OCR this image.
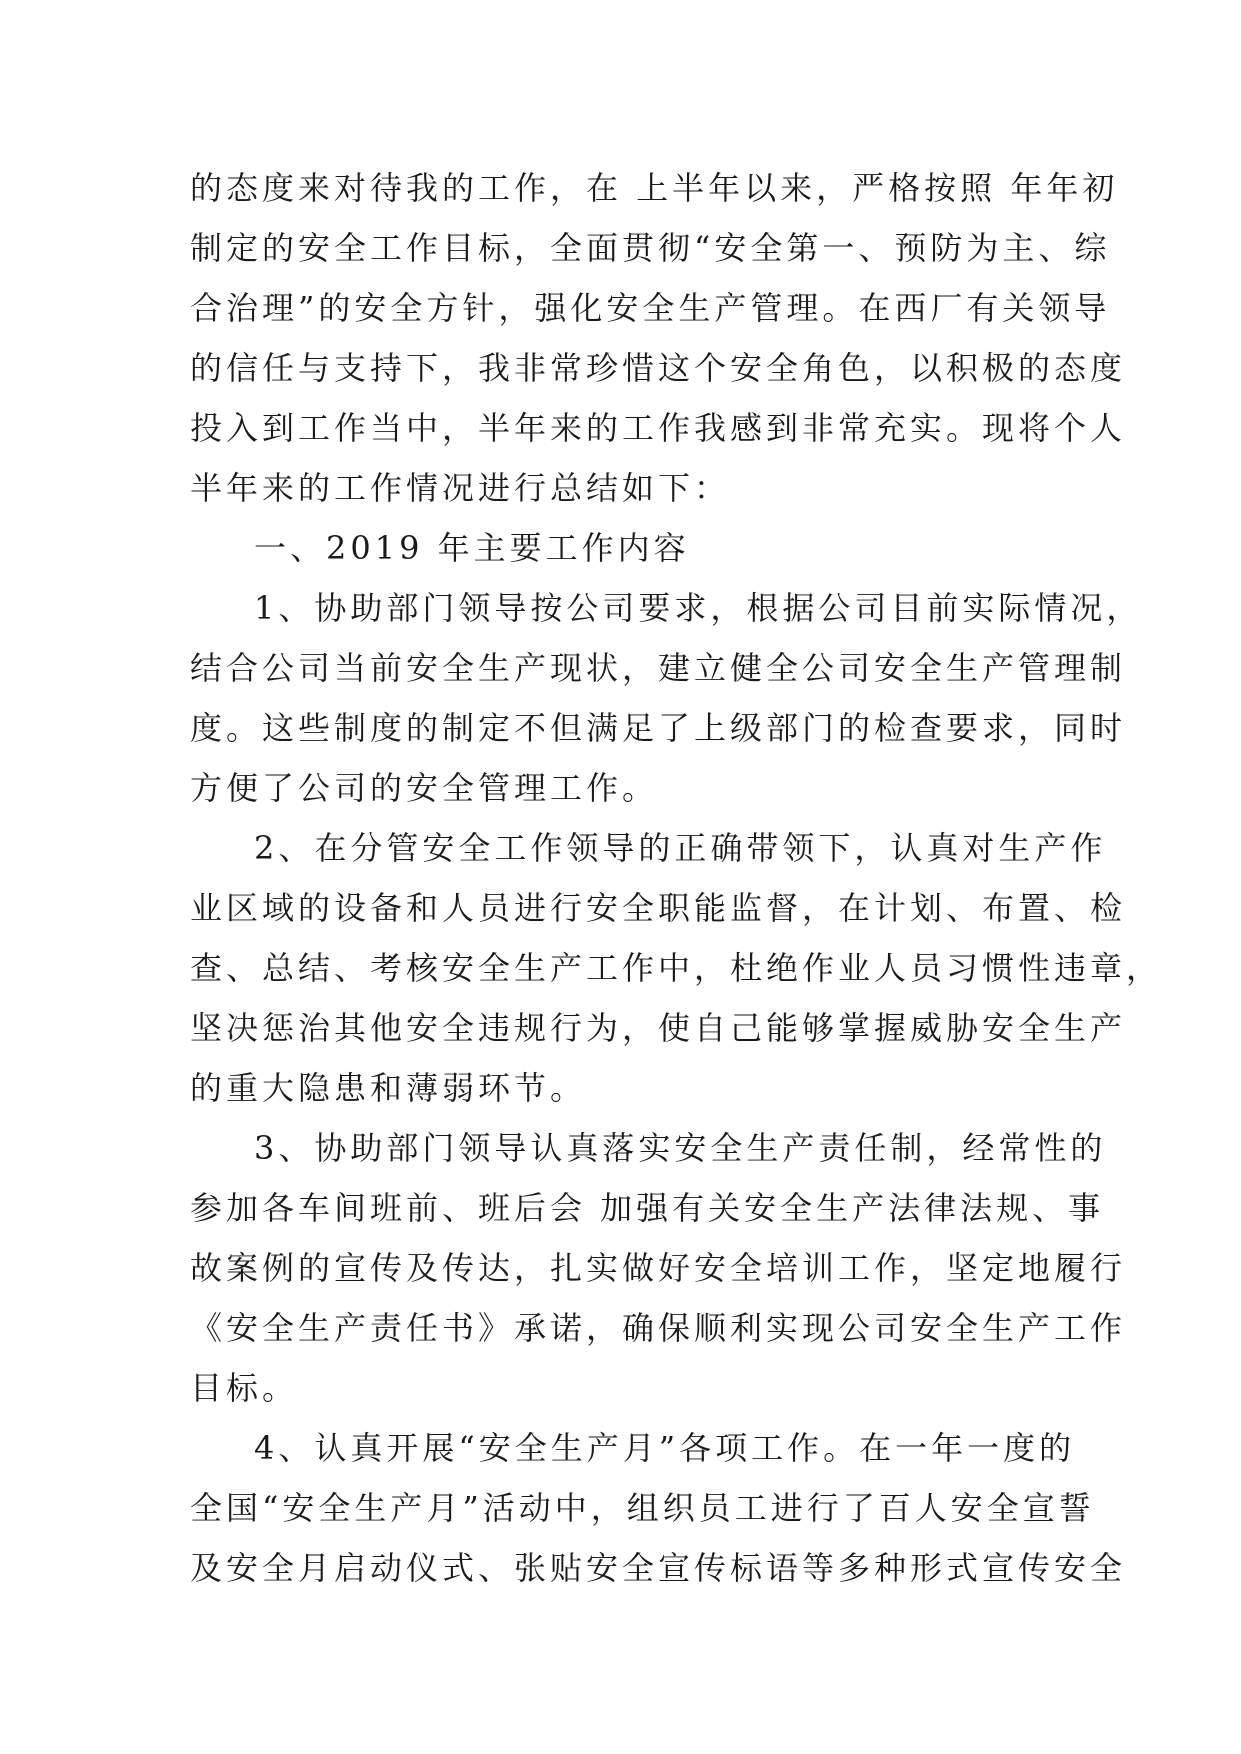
的态度来对待我的工作，在 上半年以来，严格按照 年年初
制定的安全工作目标，全面贯彻“安全第一、预防为主、综
合治理”的安全方针，强化安全生产管理。在西厂有关领导
的信任与支持下，我非常珍惜这个安全角色，以积极的态度
投入到工作当中，半年来的工作我感到非常充实。现将个人
半年来的工作情况进行总结如下：
一、2019 年主要工作内容
1、协助部门领导按公司要求，根据公司目前实际情况，
结合公司当前安全生产现状，建立健全公司安全生产管理制
度。这些制度的制定不但满足了上级部门的检查要求，同时
方便了公司的安全管理工作。
2、在分管安全工作领导的正确带领下，认真对生产作
业区域的设备和人员进行安全职能监督，在计划、布置、检
查、总结、考核安全生产工作中，杜绝作业人员习惯性违章，
坚决惩治其他安全违规行为，使自己能够掌握威胁安全生产
的重大隐患和薄弱环节。
3、协助部门领导认真落实安全生产责任制，经常性的
参加各车间班前、班后会 加强有关安全生产法律法规、事
故案例的宣传及传达，扎实做好安全培训工作，坚定地履行
《安全生产责任书》承诺，确保顺利实现公司安全生产工作
目标。
4、认真开展“安全生产月”各项工作。在一年一度的
全国“安全生产月”活动中，组织员工进行了百人安全宣誓
及安全月启动仪式、张贴安全宣传标语等多种形式宣传安全
